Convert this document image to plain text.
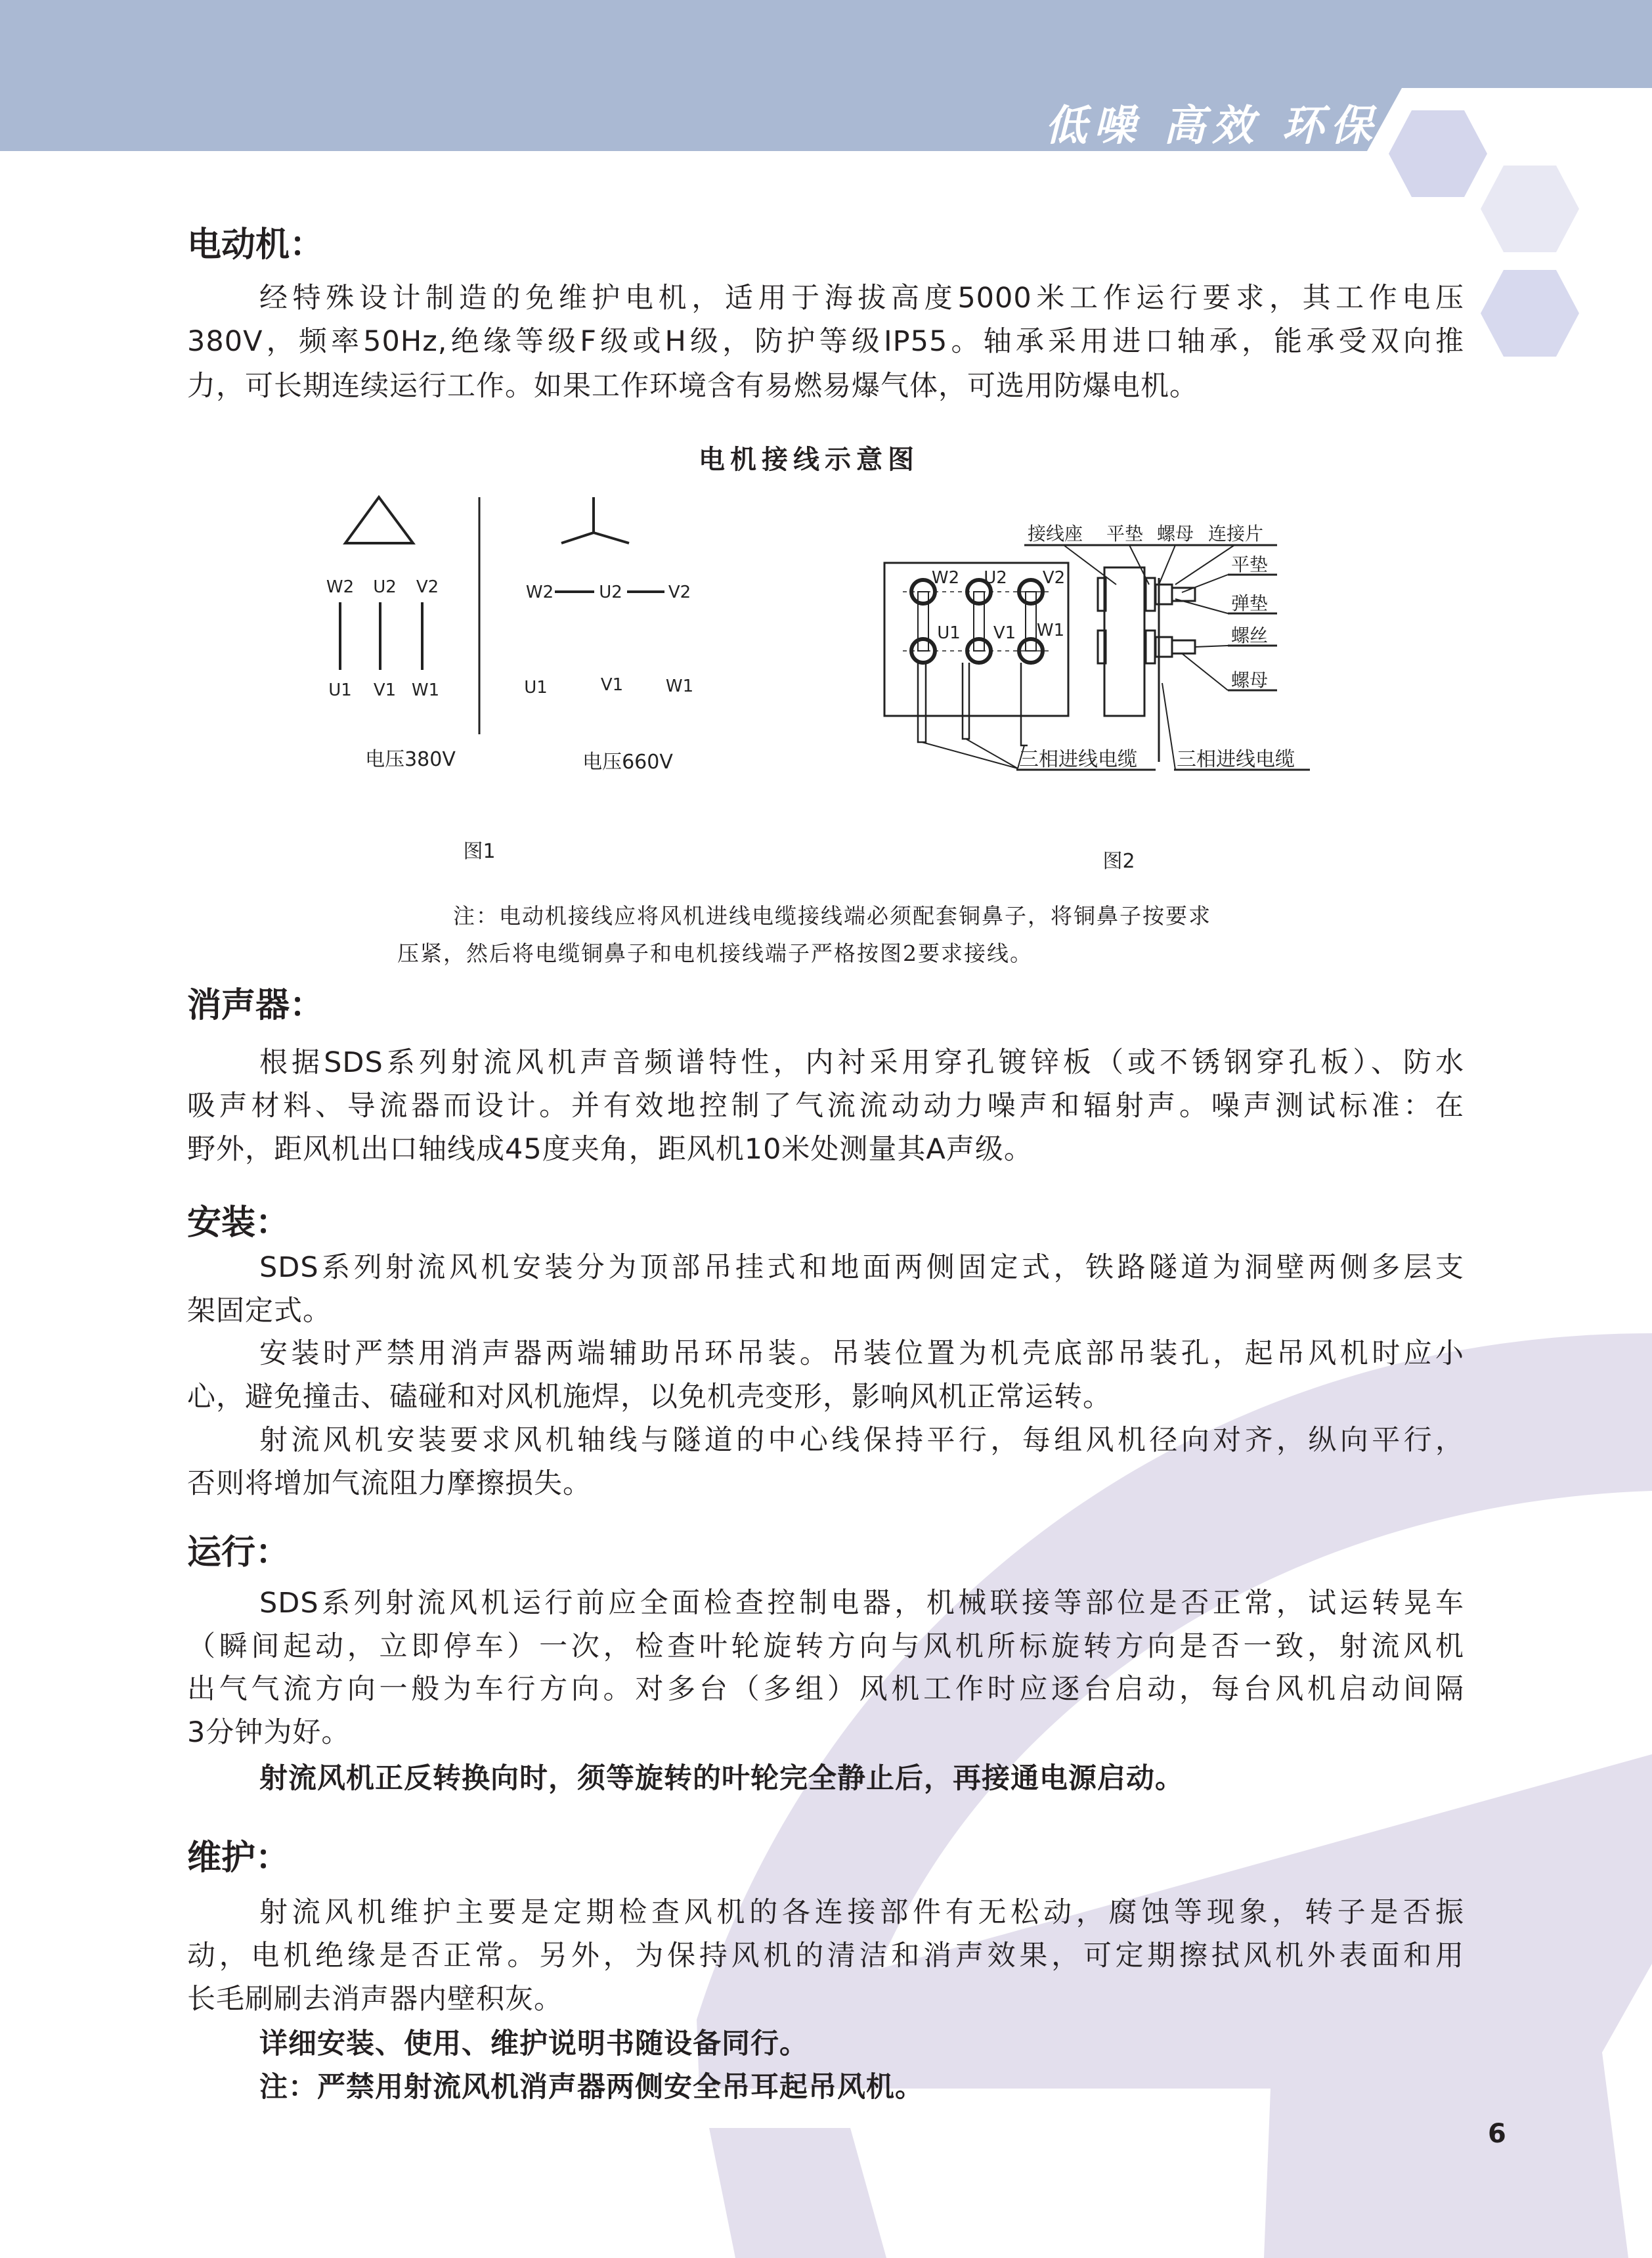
低噪 高效 环保
电动机：
经特殊设计制造的免维护电机，适用于海拔高度5000米工作运行要求，其工作电压
380V，频率50Hz,绝缘等级F级或H级，防护等级IP55。轴承采用进口轴承，能承受双向推
力，可长期连续运行工作。如果工作环境含有易燃易爆气体，可选用防爆电机。
消声器：
根据SDS系列射流风机声音频谱特性，内衬采用穿孔镀锌板（或不锈钢穿孔板）、防水
吸声材料、导流器而设计。并有效地控制了气流流动动力噪声和辐射声。噪声测试标准：在
野外，距风机出口轴线成45度夹角，距风机10米处测量其A声级。
安装：
SDS系列射流风机安装分为顶部吊挂式和地面两侧固定式，铁路隧道为洞壁两侧多层支
架固定式。
安装时严禁用消声器两端辅助吊环吊装。吊装位置为机壳底部吊装孔，起吊风机时应小
心，避免撞击、磕碰和对风机施焊，以免机壳变形，影响风机正常运转。
射流风机安装要求风机轴线与隧道的中心线保持平行，每组风机径向对齐，纵向平行，
否则将增加气流阻力摩擦损失。
运行：
SDS系列射流风机运行前应全面检查控制电器，机械联接等部位是否正常，试运转晃车
（瞬间起动，立即停车）一次，检查叶轮旋转方向与风机所标旋转方向是否一致，射流风机
出气气流方向一般为车行方向。对多台（多组）风机工作时应逐台启动，每台风机启动间隔
3分钟为好。
射流风机正反转换向时，须等旋转的叶轮完全静止后，再接通电源启动。
维护：
射流风机维护主要是定期检查风机的各连接部件有无松动，腐蚀等现象，转子是否振
动，电机绝缘是否正常。另外，为保持风机的清洁和消声效果，可定期擦拭风机外表面和用
长毛刷刷去消声器内壁积灰。
详细安装、使用、维护说明书随设备同行。
注：严禁用射流风机消声器两侧安全吊耳起吊风机。
电机接线示意图
W2 U2 V2
U1 V1 W1
W2	U2	V2
U1	V1 W1
电压380V	电压660V
图1	图2
W2 U2 V2
U1 V1 W1
接线座 平垫 螺母 连接片
平垫
弹垫
螺丝
螺母
三相进线电缆 三相进线电缆
注：电动机接线应将风机进线电缆接线端必须配套铜鼻子，将铜鼻子按要求
压紧，然后将电缆铜鼻子和电机接线端子严格按图2要求接线。
6
